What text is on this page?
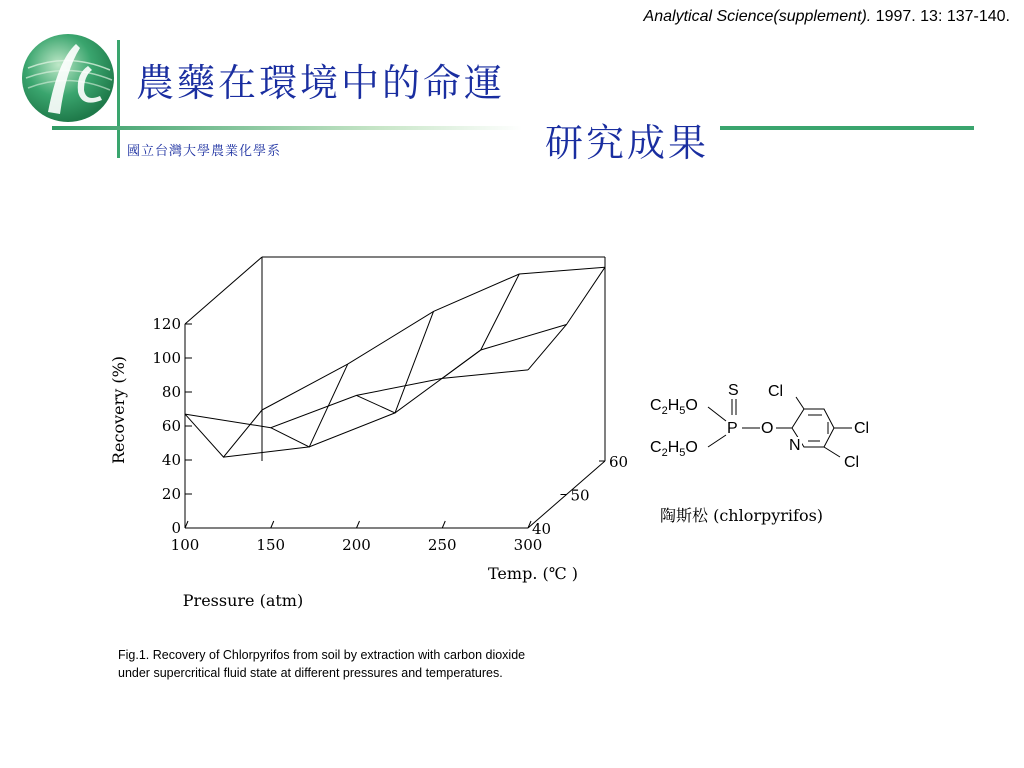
Analytical Science(supplement). 1997. 13: 137-140.
農藥在環境中的命運
研究成果
國立台灣大學農業化學系
0
20
40
60
80
100
120
100	150	200	250	300
40
50
60
Recovery (%)
Pressure (atm)
Temp. (℃ )
Fig.1. Recovery of Chlorpyrifos from soil by extraction with carbon dioxide under supercritical fluid state at different pressures and temperatures.
$C_2H_5O$
$C_2H_5O$
S
P O
N
Cl
Cl
Cl
陶斯松 (chlorpyrifos)
